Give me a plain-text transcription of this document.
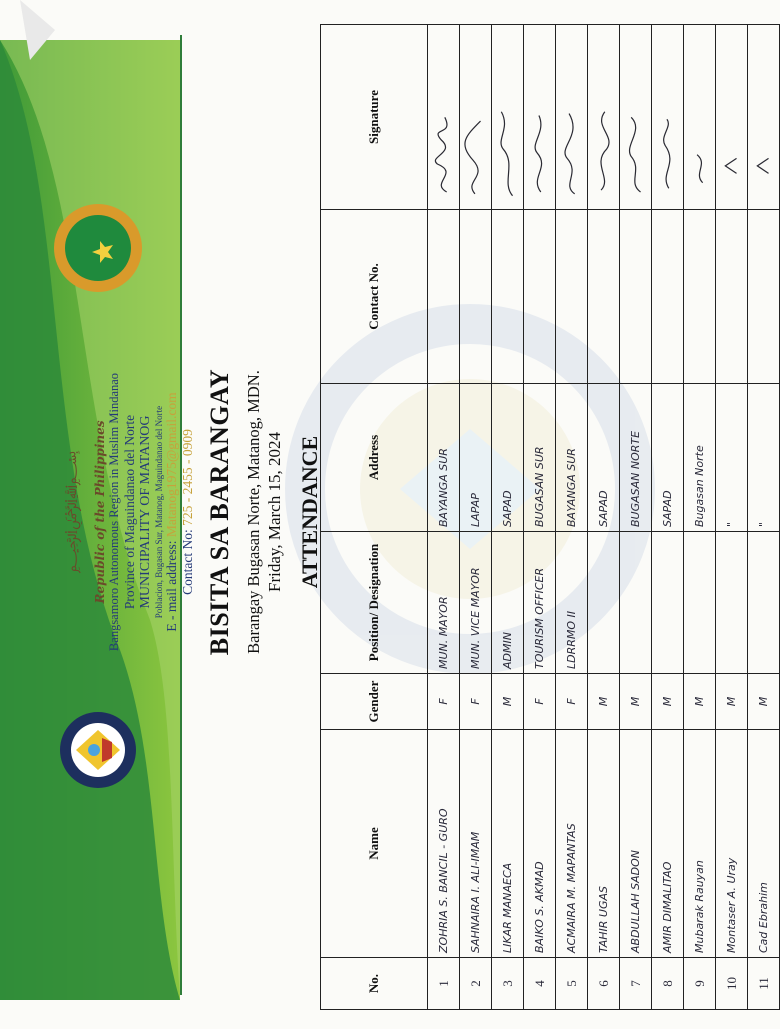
﷽	Republic of the Philippines Bangsamoro Autonomous Region in Muslim Mindanao Province of Maguindanao del Norte MUNICIPALITY OF MATANOG Poblacion, Bugasan Sur, Matanog, Maguindanao del Norte E - mail address: Matanog1975@gmail.com
Contact No: 725 - 2455 - 0909 BISITA SA BARANGAY Barangay Bugasan Norte, Matanog, MDN. Friday, March 15, 2024 ATTENDANCE
No.	Name	Gender	Position/ Designation	Address	Contact No.	Signature
1	ZOHRIA S. BANCIL - GURO	F	MUN. MAYOR	BAYANGA SUR		
2	SAHNAIRA I. ALI-IMAM	F	MUN. VICE MAYOR	LAPAP		
3	LIKAR MANAECA	M	ADMIN	SAPAD		
4	BAIKO S. AKMAD	F	TOURISM OFFICER	BUGASAN SUR		
5	ACMAIRA M. MAPANTAS	F	LDRRMO II	BAYANGA SUR		
6	TAHIR UGAS	M		SAPAD		
7	ABDULLAH SADON	M		BUGASAN NORTE		
8	AMIR DIMALITAO	M		SAPAD		
9	Mubarak Rauyan	M		Bugasan Norte		
10	Montaser A. Uray	M		"		
11	Cad Ebrahim	M		"		
